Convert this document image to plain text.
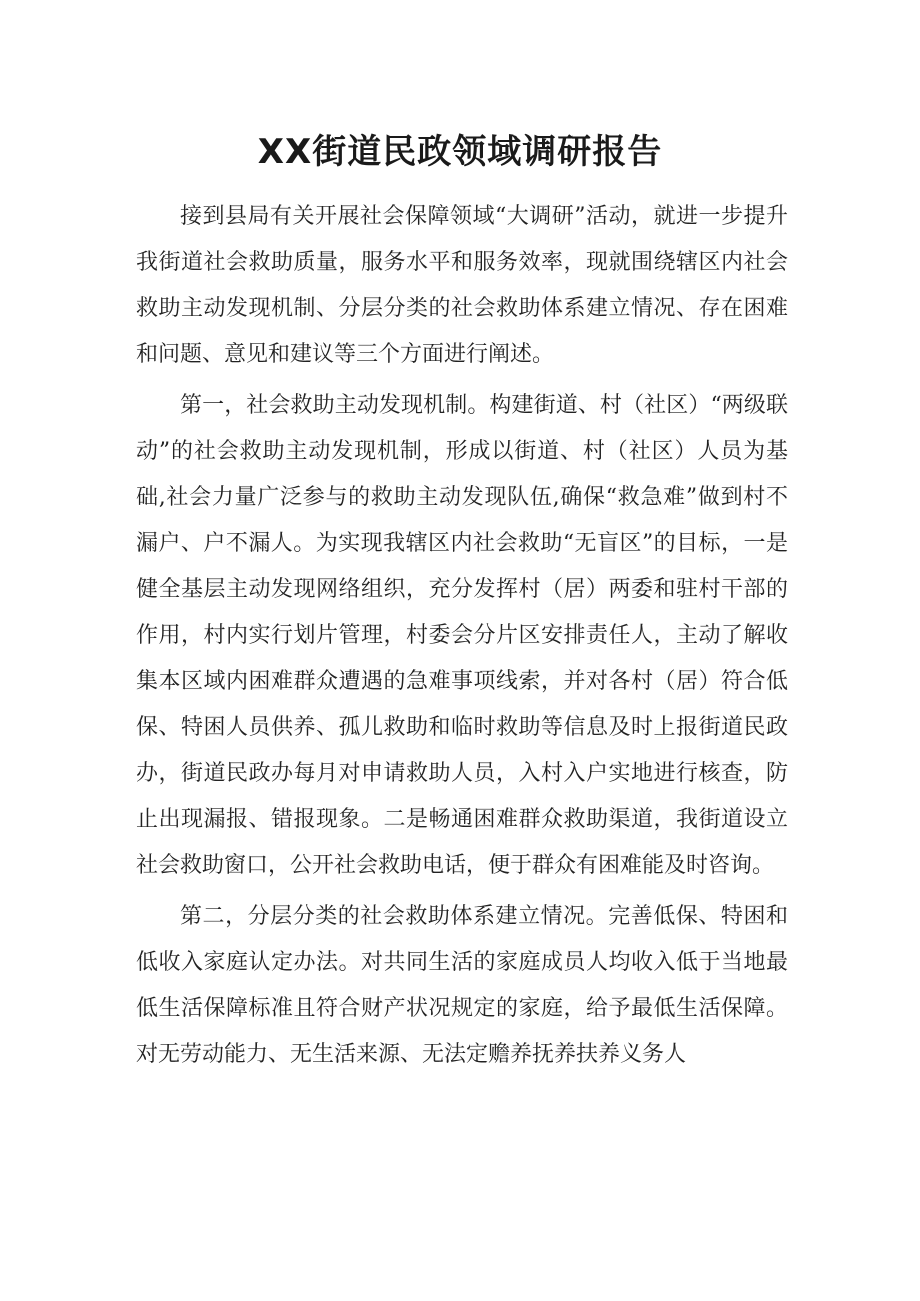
XX街道民政领域调研报告

接到县局有关开展社会保障领域“大调研”活动，就进一步提升我街道社会救助质量，服务水平和服务效率，现就围绕辖区内社会救助主动发现机制、分层分类的社会救助体系建立情况、存在困难和问题、意见和建议等三个方面进行阐述。

第一，社会救助主动发现机制。构建街道、村（社区）“两级联动”的社会救助主动发现机制，形成以街道、村（社区）人员为基础,社会力量广泛参与的救助主动发现队伍,确保“救急难”做到村不漏户、户不漏人。为实现我辖区内社会救助“无盲区”的目标，一是健全基层主动发现网络组织，充分发挥村（居）两委和驻村干部的作用，村内实行划片管理，村委会分片区安排责任人，主动了解收集本区域内困难群众遭遇的急难事项线索，并对各村（居）符合低保、特困人员供养、孤儿救助和临时救助等信息及时上报街道民政办，街道民政办每月对申请救助人员，入村入户实地进行核查，防止出现漏报、错报现象。二是畅通困难群众救助渠道，我街道设立社会救助窗口，公开社会救助电话，便于群众有困难能及时咨询。

第二，分层分类的社会救助体系建立情况。完善低保、特困和低收入家庭认定办法。对共同生活的家庭成员人均收入低于当地最低生活保障标准且符合财产状况规定的家庭，给予最低生活保障。对无劳动能力、无生活来源、无法定赡养抚养扶养义务人
